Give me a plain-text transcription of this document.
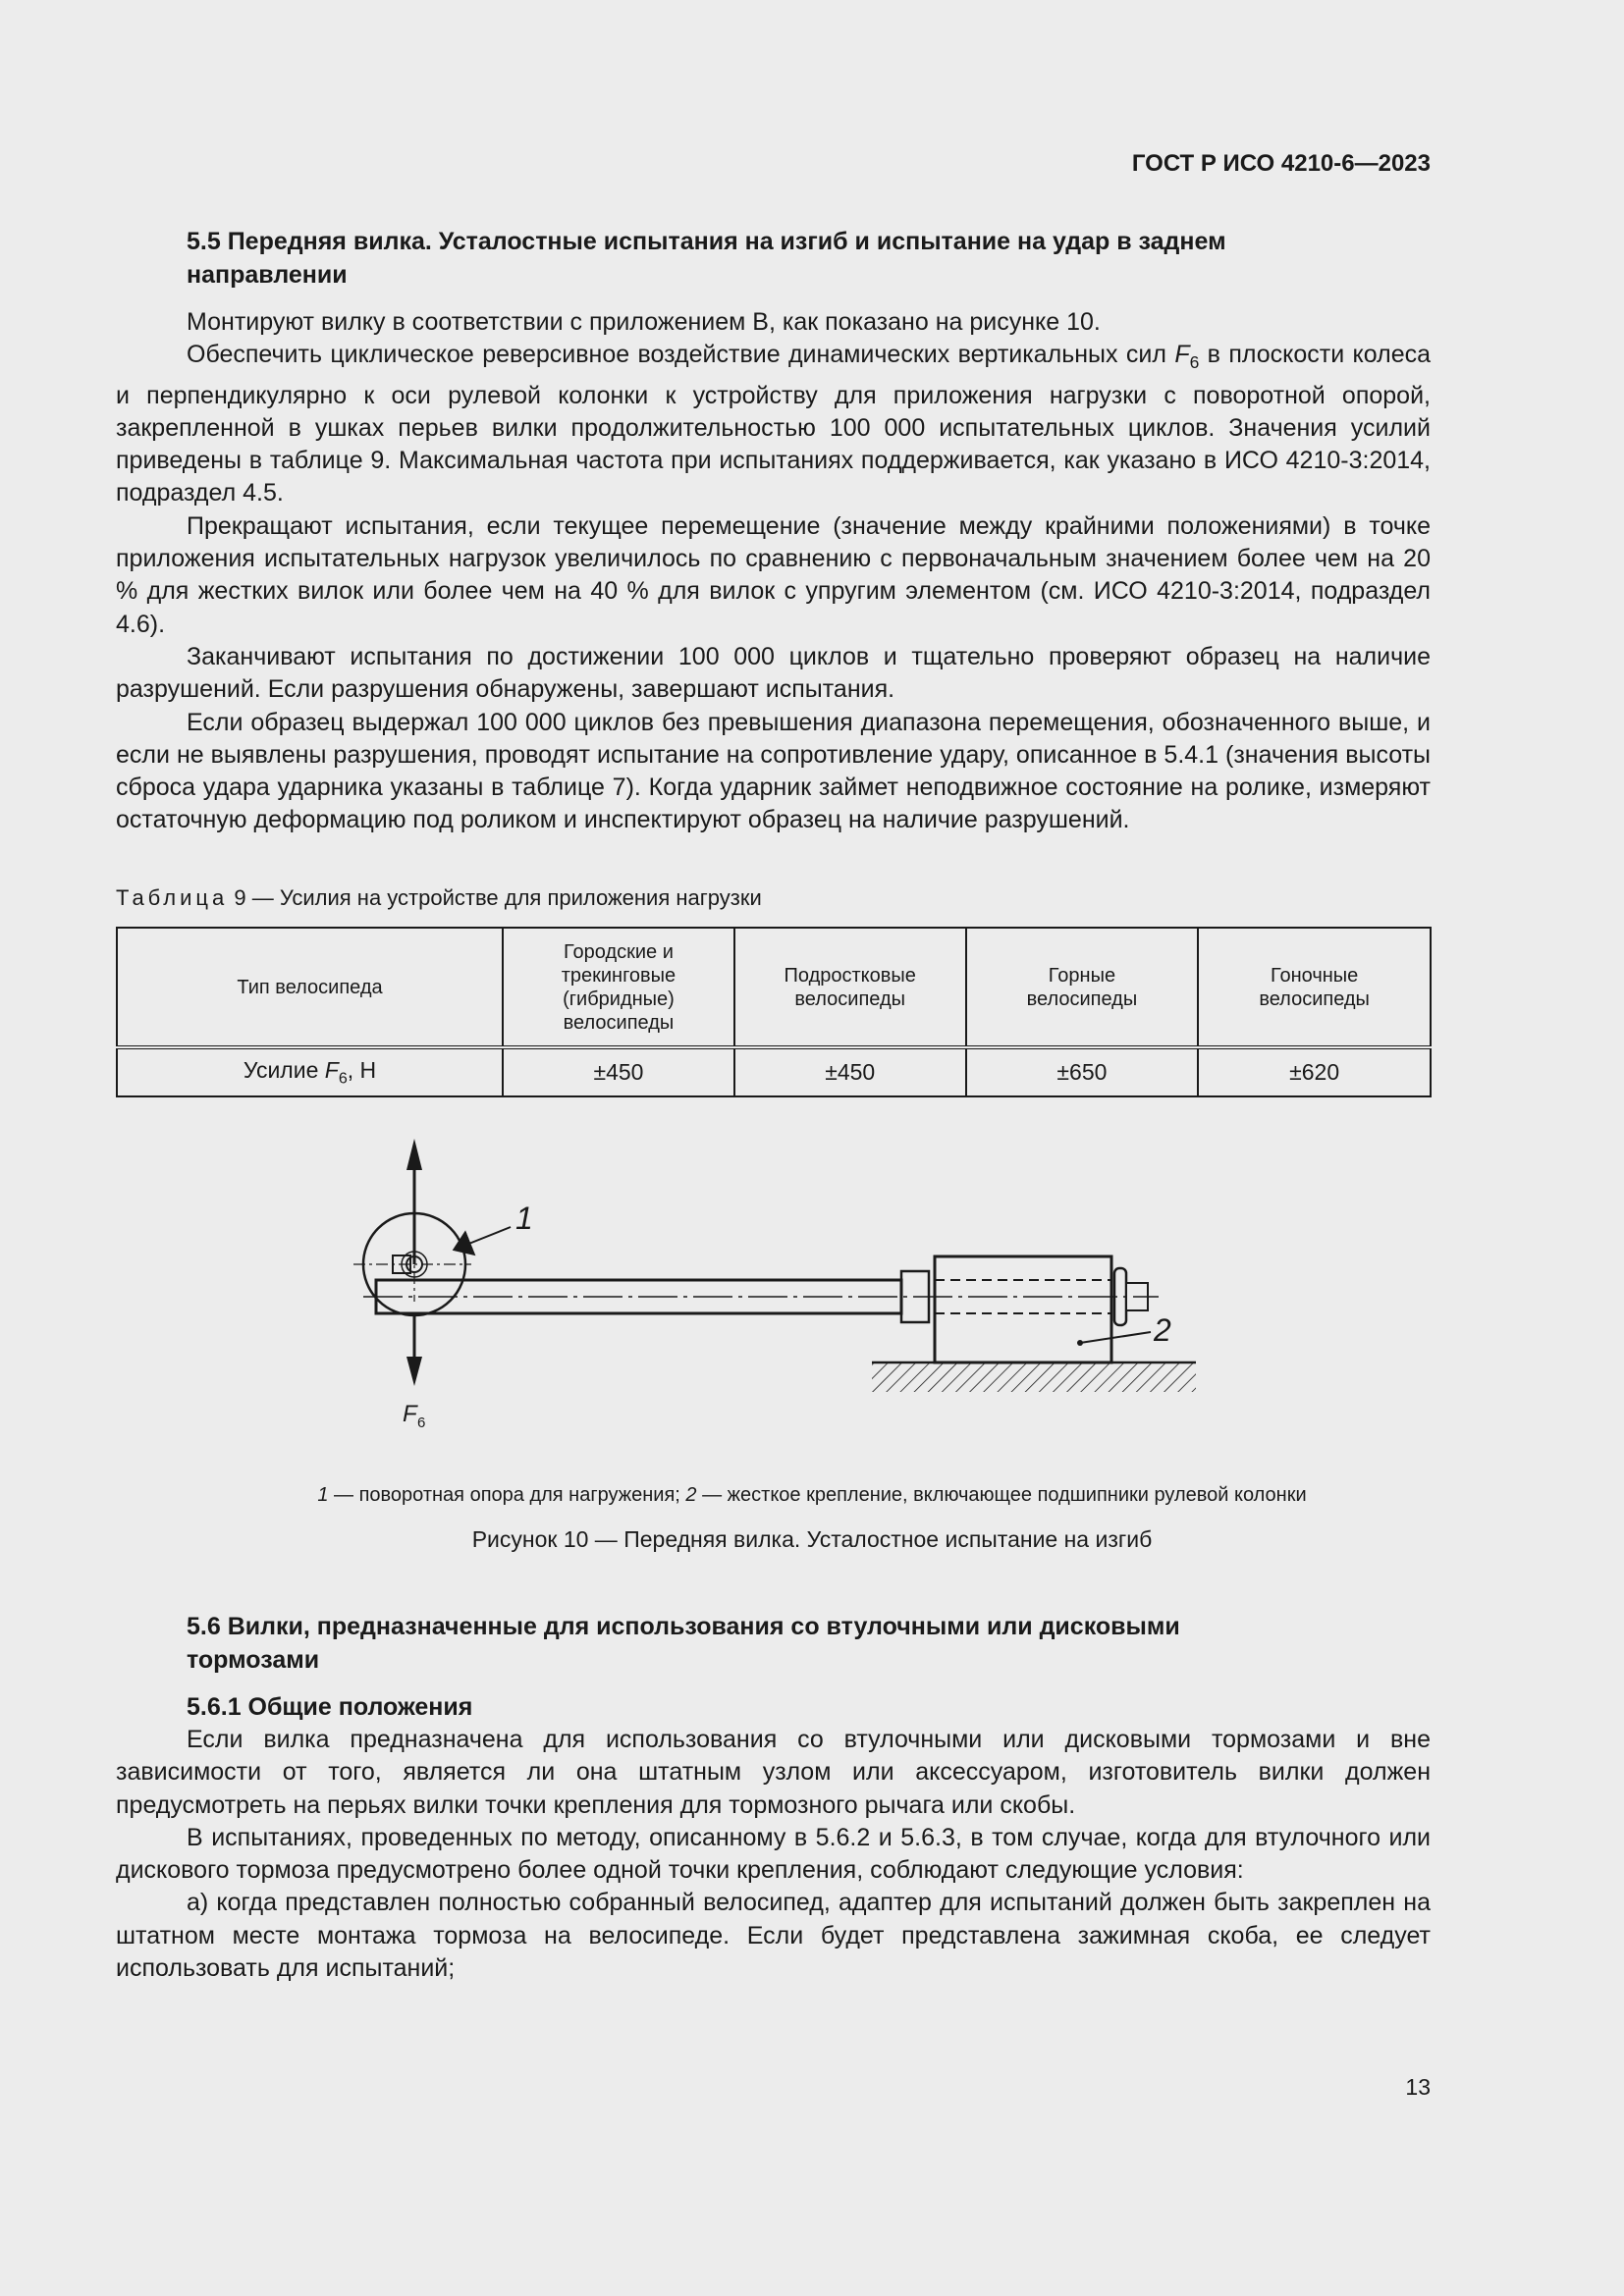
ГОСТ Р ИСО 4210-6—2023
5.5 Передняя вилка. Усталостные испытания на изгиб и испытание на удар в заднем
направлении

Монтируют вилку в соответствии с приложением В, как показано на рисунке 10.

Обеспечить циклическое реверсивное воздействие динамических вертикальных сил $F_6$ в плоскости колеса и перпендикулярно к оси рулевой колонки к устройству для приложения нагрузки с поворотной опорой, закрепленной в ушках перьев вилки продолжительностью 100 000 испытательных циклов. Значения усилий приведены в таблице 9. Максимальная частота при испытаниях поддерживается, как указано в ИСО 4210-3:2014, подраздел 4.5.

Прекращают испытания, если текущее перемещение (значение между крайними положениями) в точке приложения испытательных нагрузок увеличилось по сравнению с первоначальным значением более чем на 20 % для жестких вилок или более чем на 40 % для вилок с упругим элементом (см. ИСО 4210-3:2014, подраздел 4.6).

Заканчивают испытания по достижении 100 000 циклов и тщательно проверяют образец на наличие разрушений. Если разрушения обнаружены, завершают испытания.

Если образец выдержал 100 000 циклов без превышения диапазона перемещения, обозначенного выше, и если не выявлены разрушения, проводят испытание на сопротивление удару, описанное в 5.4.1 (значения высоты сброса удара ударника указаны в таблице 7). Когда ударник займет неподвижное состояние на ролике, измеряют остаточную деформацию под роликом и инспектируют образец на наличие разрушений.

Таблица 9 — Усилия на устройстве для приложения нагрузки
Тип велосипеда	Городские и трекинговые (гибридные) велосипеды	Подростковые велосипеды	Горные велосипеды	Гоночные велосипеды

Усилие $F_6$, Н	±450	±450	±650	±620
1
2
F 6
1 — поворотная опора для нагружения; 2 — жесткое крепление, включающее подшипники рулевой колонки
Рисунок 10 — Передняя вилка. Усталостное испытание на изгиб
5.6 Вилки, предназначенные для использования со втулочными или дисковыми
тормозами
5.6.1 Общие положения

Если вилка предназначена для использования со втулочными или дисковыми тормозами и вне зависимости от того, является ли она штатным узлом или аксессуаром, изготовитель вилки должен предусмотреть на перьях вилки точки крепления для тормозного рычага или скобы.

В испытаниях, проведенных по методу, описанному в 5.6.2 и 5.6.3, в том случае, когда для втулочного или дискового тормоза предусмотрено более одной точки крепления, соблюдают следующие условия:

а) когда представлен полностью собранный велосипед, адаптер для испытаний должен быть закреплен на штатном месте монтажа тормоза на велосипеде. Если будет представлена зажимная скоба, ее следует использовать для испытаний;

13
